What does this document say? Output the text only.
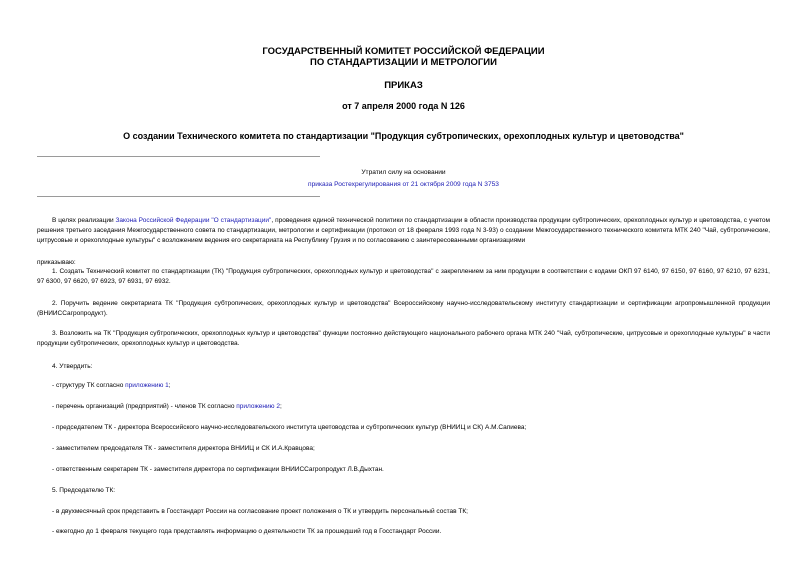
ГОСУДАРСТВЕННЫЙ КОМИТЕТ РОССИЙСКОЙ ФЕДЕРАЦИИ
ПО СТАНДАРТИЗАЦИИ И МЕТРОЛОГИИ
ПРИКАЗ
от 7 апреля 2000 года N 126
О создании Технического комитета по стандартизации "Продукция субтропических, орехоплодных культур и цветоводства"
Утратил силу на основании
приказа Ростехрегулирования от 21 октября 2009 года N 3753
В целях реализации Закона Российской Федерации "О стандартизации", проведения единой технической политики по стандартизации в области производства продукции субтропических, орехоплодных культур и цветоводства, с учетом решения третьего заседания Межгосударственного совета по стандартизации, метрологии и сертификации (протокол от 18 февраля 1993 года N 3-93) о создании Межгосударственного технического комитета МТК 240 "Чай, субтропические, цитрусовые и орехоплодные культуры" с возложением ведения его секретариата на Республику Грузия и по согласованию с заинтересованными организациями
приказываю:
1. Создать Технический комитет по стандартизации (ТК) "Продукция субтропических, орехоплодных культур и цветоводства" с закреплением за ним продукции в соответствии с кодами ОКП 97 6140, 97 6150, 97 6160, 97 6210, 97 6231, 97 6300, 97 6620, 97 6923, 97 6931, 97 6932.
2. Поручить ведение секретариата ТК "Продукция субтропических, орехоплодных культур и цветоводства" Всероссийскому научно-исследовательскому институту стандартизации и сертификации агропромышленной продукции (ВНИИССагропродукт).
3. Возложить на ТК "Продукция субтропических, орехоплодных культур и цветоводства" функции постоянно действующего национального рабочего органа МТК 240 "Чай, субтропические, цитрусовые и орехоплодные культуры" в части продукции субтропических, орехоплодных культур и цветоводства.
4. Утвердить:
- структуру ТК согласно приложению 1;
- перечень организаций (предприятий) - членов ТК согласно приложению 2;
- председателем ТК - директора Всероссийского научно-исследовательского института цветоводства и субтропических культур (ВНИИЦ и СК) А.М.Сапиева;
- заместителем председателя ТК - заместителя директора ВНИИЦ и СК И.А.Кравцова;
- ответственным секретарем ТК - заместителя директора по сертификации ВНИИССагропродукт Л.В.Дыхтан.
5. Председателю ТК:
- в двухмесячный срок представить в Госстандарт России на согласование проект положения о ТК и утвердить персональный состав ТК;
- ежегодно до 1 февраля текущего года представлять информацию о деятельности ТК за прошедший год в Госстандарт России.
